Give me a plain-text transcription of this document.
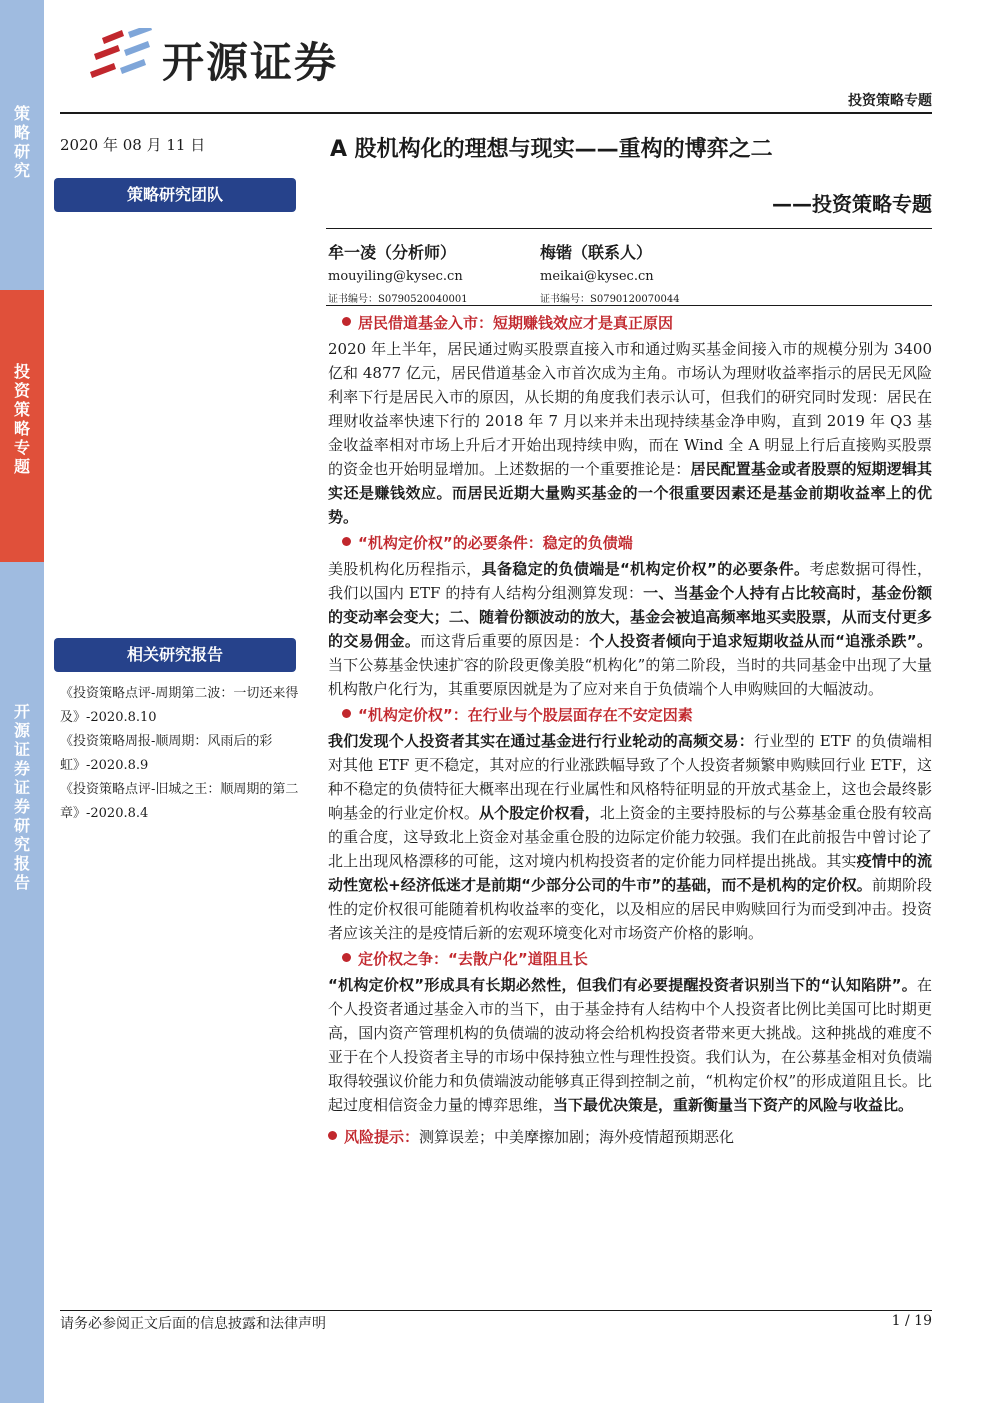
策略研究
投资策略专题
开源证券 证券研究报告
开源证券
投资策略专题
2020 年 08 月 11 日
策略研究团队
A 股机构化的理想与现实——重构的博弈之二
——投资策略专题
牟一凌（分析师）
mouyiling@kysec.cn
证书编号：S0790520040001
梅锴（联系人）
meikai@kysec.cn
证书编号：S0790120070044
居民借道基金入市：短期赚钱效应才是真正原因
2020 年上半年，居民通过购买股票直接入市和通过购买基金间接入市的规模分别为 3400 亿和 4877 亿元，居民借道基金入市首次成为主角。市场认为理财收益率指示的居民无风险利率下行是居民入市的原因，从长期的角度我们表示认可，但我们的研究同时发现：居民在理财收益率快速下行的 2018 年 7 月以来并未出现持续基金净申购，直到 2019 年 Q3 基金收益率相对市场上升后才开始出现持续申购，而在 Wind 全 A 明显上行后直接购买股票的资金也开始明显增加。上述数据的一个重要推论是：居民配置基金或者股票的短期逻辑其实还是赚钱效应。而居民近期大量购买基金的一个很重要因素还是基金前期收益率上的优势。
“机构定价权”的必要条件：稳定的负债端
美股机构化历程指示，具备稳定的负债端是“机构定价权”的必要条件。考虑数据可得性，我们以国内 ETF 的持有人结构分组测算发现：一、当基金个人持有占比较高时，基金份额的变动率会变大；二、随着份额波动的放大，基金会被追高频率地买卖股票，从而支付更多的交易佣金。而这背后重要的原因是：个人投资者倾向于追求短期收益从而“追涨杀跌”。当下公募基金快速扩容的阶段更像美股“机构化”的第二阶段，当时的共同基金中出现了大量机构散户化行为，其重要原因就是为了应对来自于负债端个人申购赎回的大幅波动。
“机构定价权”：在行业与个股层面存在不安定因素
我们发现个人投资者其实在通过基金进行行业轮动的高频交易：行业型的 ETF 的负债端相对其他 ETF 更不稳定，其对应的行业涨跌幅导致了个人投资者频繁申购赎回行业 ETF，这种不稳定的负债特征大概率出现在行业属性和风格特征明显的开放式基金上，这也会最终影响基金的行业定价权。从个股定价权看，北上资金的主要持股标的与公募基金重仓股有较高的重合度，这导致北上资金对基金重仓股的边际定价能力较强。我们在此前报告中曾讨论了北上出现风格漂移的可能，这对境内机构投资者的定价能力同样提出挑战。其实疫情中的流动性宽松+经济低迷才是前期“少部分公司的牛市”的基础，而不是机构的定价权。前期阶段性的定价权很可能随着机构收益率的变化，以及相应的居民申购赎回行为而受到冲击。投资者应该关注的是疫情后新的宏观环境变化对市场资产价格的影响。
定价权之争：“去散户化”道阻且长
“机构定价权”形成具有长期必然性，但我们有必要提醒投资者识别当下的“认知陷阱”。在个人投资者通过基金入市的当下，由于基金持有人结构中个人投资者比例比美国可比时期更高，国内资产管理机构的负债端的波动将会给机构投资者带来更大挑战。这种挑战的难度不亚于在个人投资者主导的市场中保持独立性与理性投资。我们认为，在公募基金相对负债端取得较强议价能力和负债端波动能够真正得到控制之前，“机构定价权”的形成道阻且长。比起过度相信资金力量的博弈思维，当下最优决策是，重新衡量当下资产的风险与收益比。
风险提示：测算误差；中美摩擦加剧；海外疫情超预期恶化
相关研究报告
《投资策略点评-周期第二波：一切还来得及》-2020.8.10
《投资策略周报-顺周期：风雨后的彩虹》-2020.8.9
《投资策略点评-旧城之王：顺周期的第二章》-2020.8.4
请务必参阅正文后面的信息披露和法律声明	1 / 19
